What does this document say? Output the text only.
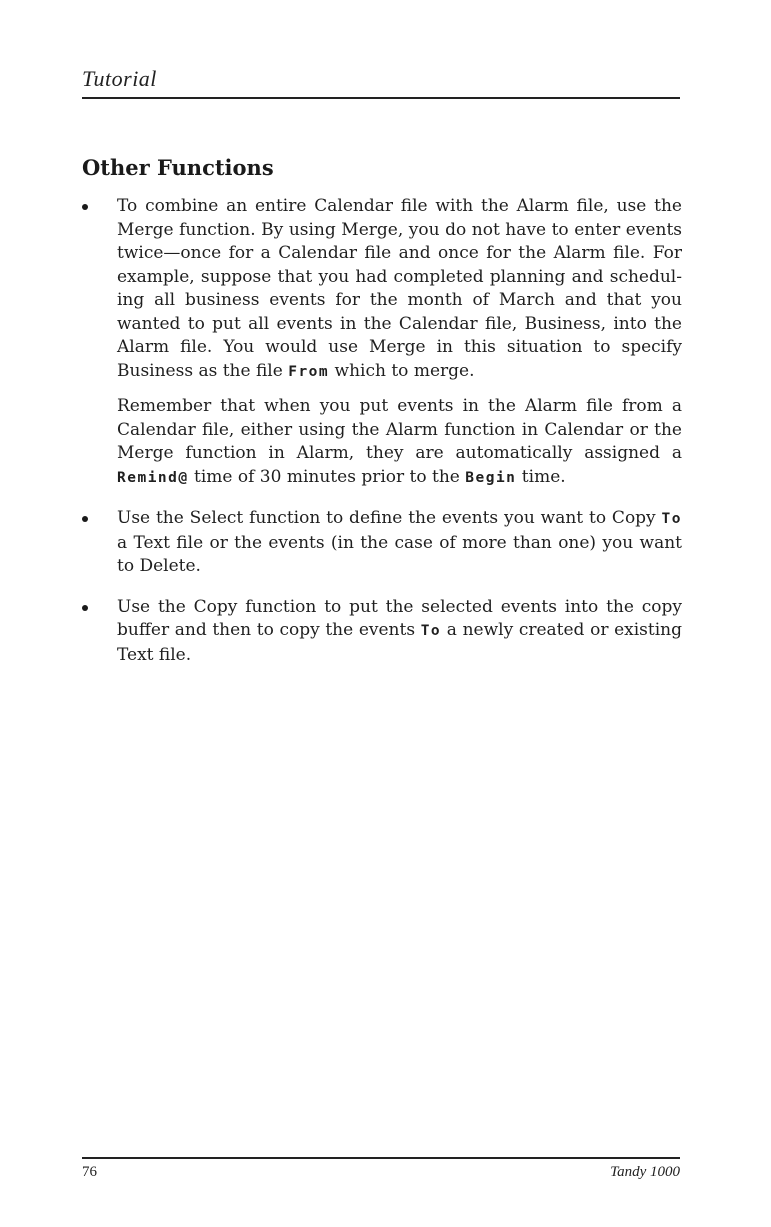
Tutorial
Other Functions

To combine an entire Calendar file with the Alarm file, use the Merge function. By using Merge, you do not have to enter events twice—once for a Calendar file and once for the Alarm file. For example, suppose that you had completed planning and scheduling all business events for the month of March and that you wanted to put all events in the Calendar file, Business, into the Alarm file. You would use Merge in this situation to specify Business as the file From which to merge.

Remember that when you put events in the Alarm file from a Calendar file, either using the Alarm function in Calendar or the Merge function in Alarm, they are automatically assigned a Remind@ time of 30 minutes prior to the Begin time.

Use the Select function to define the events you want to Copy To a Text file or the events (in the case of more than one) you want to Delete.

Use the Copy function to put the selected events into the copy buffer and then to copy the events To a newly created or existing Text file.

76	Tandy 1000
